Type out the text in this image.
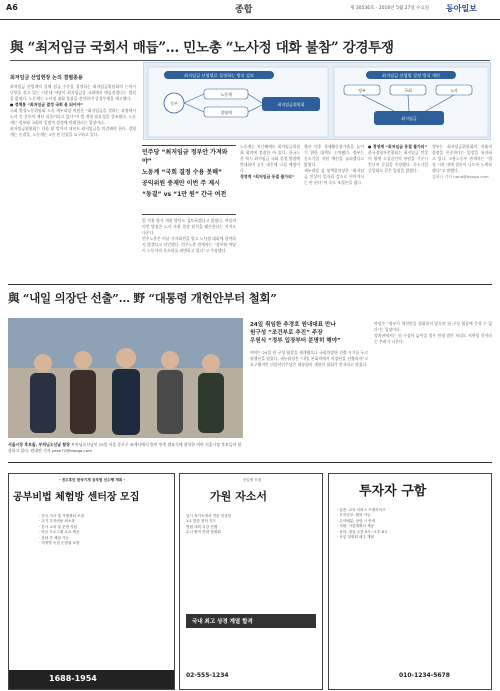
A6	종합	제 30536호 · 2016년 5월 27일 수요일 동아일보
與 “최저임금 국회서 매듭”… 민노총 “노사정 대화 불참” 강경투쟁
최저임금 산업현장 논의 결렬종용
최저임금 산업계의 올해 임금 수준을 결정하는 최저임금위원회의 논의가 난항을 겪고 있는 가운데 여당이 최저임금을 국회에서 매듭짓겠다는 방침을 밝혔다. 노동계는 노사정 대화 불참을 선언하며 강경투쟁을 예고했다.
● 정책통 “최저임금 결정 국회 몫 되어야”
국회 환경노동위원회 소속 새누리당 의원은 “최저임금을 정하는 과정에서 노사 간 갈등이 매년 되풀이되고 있다”며 법 개정 필요성을 강조했다. 노동계는 정부와 국회의 일방적 결정에 반대한다는 입장이다.
최저임금위원회는 다음 달 말까지 내년도 최저임금을 의결해야 한다. 경영계는 동결을, 노동계는 1만 원 인상을 요구하고 있다.
최저임금 산업별로 결정하는 방식 검토	최저임금 산업별 결정 방식 개편
정부
노동계
경영계
최저임금위원회
정부	국회	노사
최저임금
민주당 “최저임금 정부안 가져와야”
노동계 “국회 결정 수용 못해”
공익위원 중재안 이번 주 제시
“동결” vs “1만 원” 간극 여전
업 적용 방식 개편 방안도 검토하겠다고 밝혔다. 여당의 이번 방침은 노사 자율 결정 원칙을 훼손한다는 지적도 나온다.
민주노총은 이날 기자회견을 열고 노사정 대화에 참여하지 않겠다고 선언했다. 민주노총 관계자는 “정부와 여당이 노동자의 목소리를 외면하고 있다”고 주장했다.
노동계는 지난해에도 최저임금위원회 회의에 불참한 바 있다. 한국노총 역시 최저임금 국회 결정 방침에 반대하며 공동 대응에 나설 예정이다.
경영계 “최저임금 동결 불가피”
출산 이후 경제활동참가율을 높이기 위한 대책도 논의됐다. 정부는 중소기업 지원 예산을 늘리겠다고 밝혔다.
새누리당 김 정책위의장은 “최저임금 인상이 일자리 감소로 이어져서는 안 된다”며 속도 조절론을 폈다.
● 경영계 “최저임금 동결 불가피”
한국경영자총협회는 최저임금 인상이 영세 소상공인의 부담을 가중시킨다며 동결을 주장했다. 중소기업중앙회도 같은 입장을 밝혔다.
정부는 최저임금위원회의 자율적 결정을 존중한다는 입장을 유지하고 있다. 고용노동부 관계자는 “법정 시한 내에 결론이 나도록 노력하겠다”고 말했다.
김하나 기자 hana@donga.com
與 “내일 의장단 선출”… 野 “대통령 개헌안부터 철회”
서울시장 후보들, 부처님오신날 합장 부처님오신날인 15일 서울 종로구 조계사에서 열린 봉축 법요식에 참석한 여야 서울시장 후보들이 합장하고 있다. 원대연 기자 yeon72@donga.com
24일 취임한 추경호 원내대표 만나
원구성 “조건부로 추진” 주장
우원식 “정부 입장부터 분명히 해야”
여야는 24일 원 구성 협상을 재개했으나 국회의장단 선출 시기를 두고 평행선을 달렸다. 새누리당은 “내일 본회의에서 의장단을 선출하자”고 요구했지만 더불어민주당은 대통령의 개헌안 철회가 먼저라고 맞섰다.
야당은 “정부가 개헌안을 철회하지 않으면 원 구성 협상에 응할 수 없다”는 입장이다.
정치권에서는 원 구성이 늦어질 경우 민생 법안 처리도 지연될 것이라는 우려가 나온다.
- 전우후민 한국기계 공부법 선수행 개최 -
공부비법 체험방 센터장 모집
· 전국 지사 및 가맹센터 모집
· 초기 투자비용 최소화
· 본사 교육 및 운영 지원
· 학습 프로그램 무료 제공
· 상담 후 체험 가능
· 지역별 독점 운영권 보장
1688-1954
신입생 모집
가원 자소서
입시 자기소개서 전문 컨설팅
1:1 맞춤 첨삭 지도
면접 대비 특강 진행
수시 합격 전략 설명회
국내 최고 상경 계열 합격
02-555-1234
투자자 구함
· 업종: 교육 서비스 프랜차이즈
· 투자규모: 협의 가능
· 수익배분: 상담 시 안내
· 지원: 사업계획서 제공
· 문의: 평일 오전 9시~오후 6시
· 사업 설명회 매주 개최
010-1234-5678
